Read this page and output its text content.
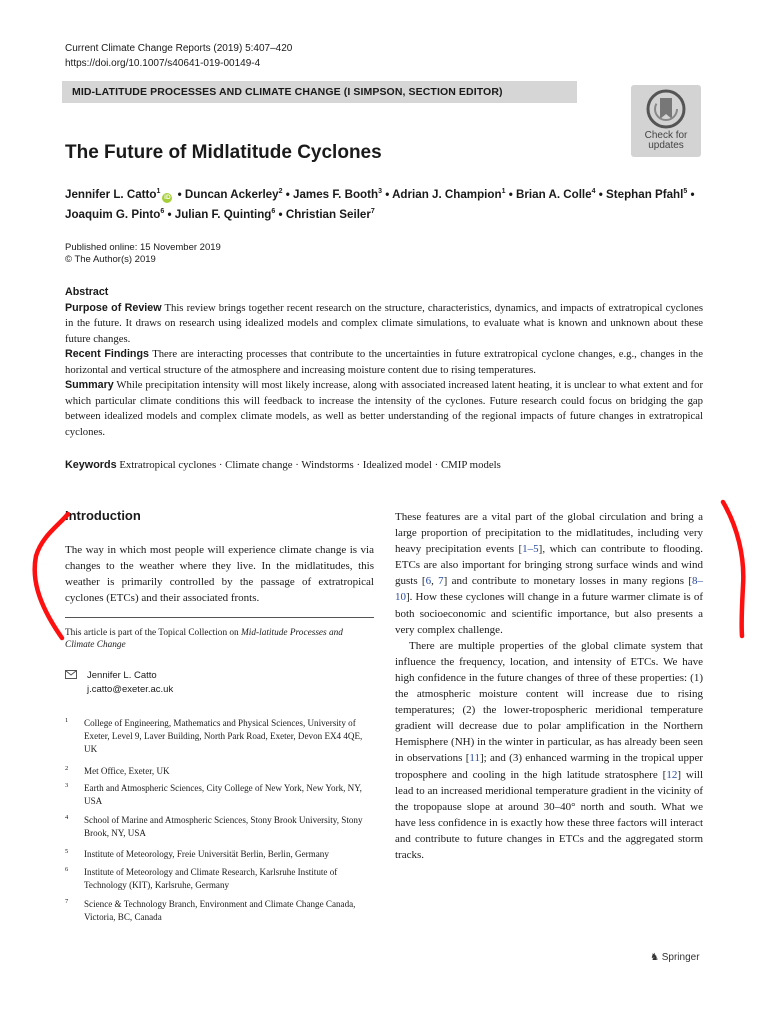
Current Climate Change Reports (2019) 5:407–420
https://doi.org/10.1007/s40641-019-00149-4
MID-LATITUDE PROCESSES AND CLIMATE CHANGE (I SIMPSON, SECTION EDITOR)
Check for
updates
The Future of Midlatitude Cyclones
Jennifer L. Catto$^1$iD • Duncan Ackerley$^2$ • James F. Booth$^3$ • Adrian J. Champion$^1$ • Brian A. Colle$^4$ • Stephan Pfahl$^5$ •
Joaquim G. Pinto$^6$ • Julian F. Quinting$^6$ • Christian Seiler$^7$
Published online: 15 November 2019
© The Author(s) 2019
Abstract

Purpose of Review This review brings together recent research on the structure, characteristics, dynamics, and impacts of extratropical cyclones in the future. It draws on research using idealized models and complex climate simulations, to evaluate what is known and unknown about these future changes.

Recent Findings There are interacting processes that contribute to the uncertainties in future extratropical cyclone changes, e.g., changes in the horizontal and vertical structure of the atmosphere and increasing moisture content due to rising temperatures.

Summary While precipitation intensity will most likely increase, along with associated increased latent heating, it is unclear to what extent and for which particular climate conditions this will feedback to increase the intensity of the cyclones. Future research could focus on bridging the gap between idealized models and complex climate models, as well as better understanding of the regional impacts of future changes in extratropical cyclones.

Keywords Extratropical cyclones · Climate change · Windstorms · Idealized model · CMIP models
Introduction
The way in which most people will experience climate change is via changes to the weather where they live. In the midlatitudes, this weather is primarily controlled by the passage of extratropical cyclones (ETCs) and their associated fronts.
This article is part of the Topical Collection on Mid-latitude Processes and Climate Change
Jennifer L. Catto
j.catto@exeter.ac.uk
1 College of Engineering, Mathematics and Physical Sciences, University of Exeter, Level 9, Laver Building, North Park Road, Exeter, Devon EX4 4QE, UK
2 Met Office, Exeter, UK
3 Earth and Atmospheric Sciences, City College of New York, New York, NY, USA
4 School of Marine and Atmospheric Sciences, Stony Brook University, Stony Brook, NY, USA
5 Institute of Meteorology, Freie Universität Berlin, Berlin, Germany
6 Institute of Meteorology and Climate Research, Karlsruhe Institute of Technology (KIT), Karlsruhe, Germany
7 Science & Technology Branch, Environment and Climate Change Canada, Victoria, BC, Canada

These features are a vital part of the global circulation and bring a large proportion of precipitation to the midlatitudes, including very heavy precipitation events [1–5], which can contribute to flooding. ETCs are also important for bringing strong surface winds and wind gusts [6, 7] and contribute to monetary losses in many regions [8–10]. How these cyclones will change in a future warmer climate is of both socioeconomic and scientific importance, but also presents a very complex challenge.

There are multiple properties of the global climate system that influence the frequency, location, and intensity of ETCs. We have high confidence in the future changes of three of these properties: (1) the atmospheric moisture content will increase due to rising temperatures; (2) the lower-tropospheric meridional temperature gradient will decrease due to polar amplification in the Northern Hemisphere (NH) in the winter in particular, as has already been seen in observations [11]; and (3) enhanced warming in the tropical upper troposphere and cooling in the high latitude stratosphere [12] will lead to an increased meridional temperature gradient in the vicinity of the tropopause slope at around 30–40° north and south. What we have less confidence in is exactly how these three factors will interact and contribute to future changes in ETCs and the aggregated storm tracks.

♞ Springer
